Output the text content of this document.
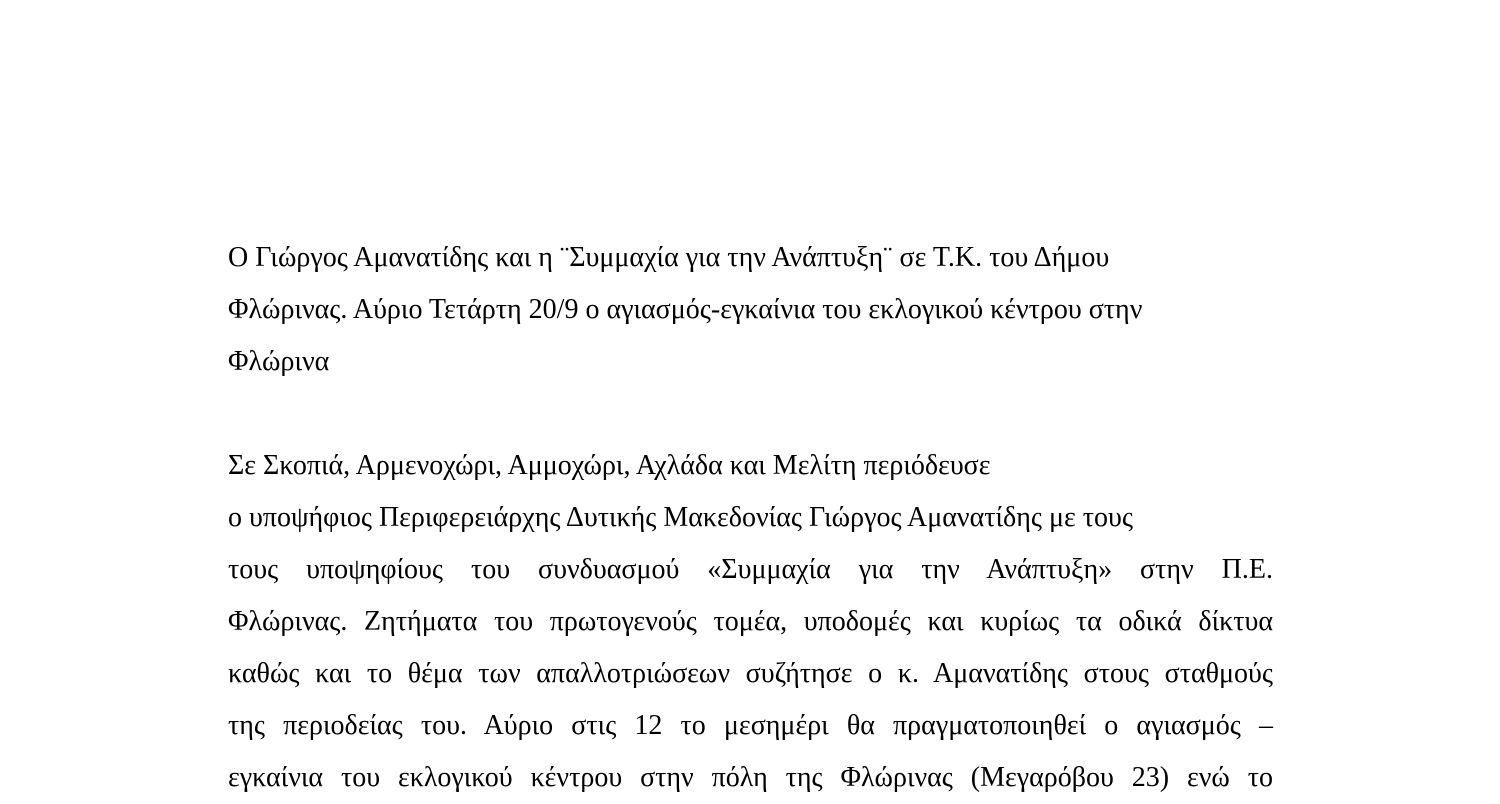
Ο Γιώργος Αμανατίδης και η ¨Συμμαχία για την Ανάπτυξη¨ σε Τ.Κ. του Δήμου
Φλώρινας. Αύριο Τετάρτη 20/9 ο αγιασμός-εγκαίνια του εκλογικού κέντρου στην
Φλώρινα
Σε Σκοπιά, Αρμενοχώρι, Αμμοχώρι, Αχλάδα και Μελίτη περιόδευσε
ο υποψήφιος Περιφερειάρχης Δυτικής Μακεδονίας Γιώργος Αμανατίδης με τους
τους υποψηφίους του συνδυασμού «Συμμαχία για την Ανάπτυξη» στην Π.Ε.
Φλώρινας. Ζητήματα του πρωτογενούς τομέα, υποδομές και κυρίως τα οδικά δίκτυα
καθώς και το θέμα των απαλλοτριώσεων συζήτησε ο κ. Αμανατίδης στους σταθμούς
της περιοδείας του. Αύριο στις 12 το μεσημέρι θα πραγματοποιηθεί ο αγιασμός –
εγκαίνια του εκλογικού κέντρου στην πόλη της Φλώρινας (Μεγαρόβου 23) ενώ το
